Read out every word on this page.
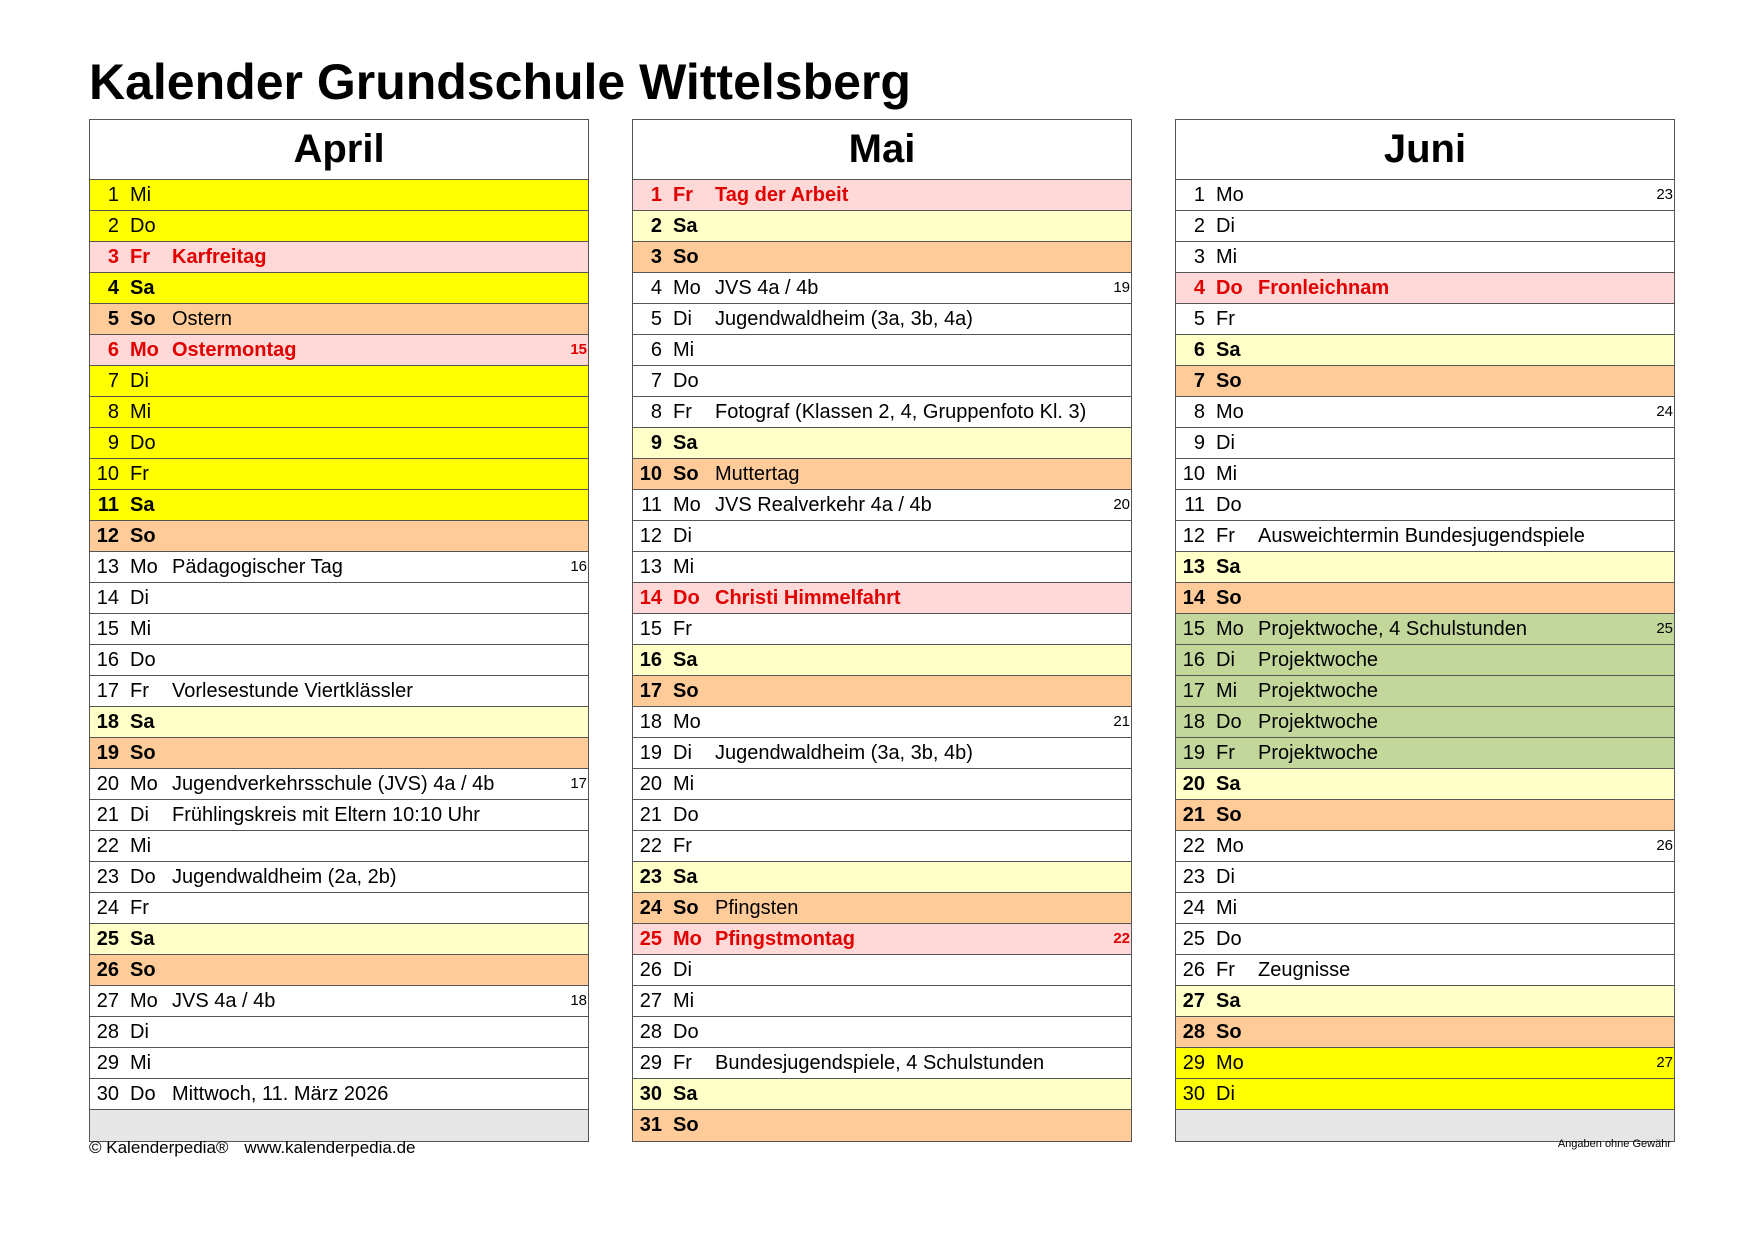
Kalender Grundschule Wittelsberg
April
1 Mi
2 Do
3 Fr Karfreitag
4 Sa
5 So Ostern
6 Mo Ostermontag	15
7 Di
8 Mi
9 Do
10 Fr
11 Sa
12 So
13 Mo Pädagogischer Tag	16
14 Di
15 Mi
16 Do
17 Fr Vorlesestunde Viertklässler
18 Sa
19 So
20 Mo Jugendverkehrsschule (JVS) 4a / 4b	17
21 Di Frühlingskreis mit Eltern 10:10 Uhr
22 Mi
23 Do Jugendwaldheim (2a, 2b)
24 Fr
25 Sa
26 So
27 Mo JVS 4a / 4b	18
28 Di
29 Mi
30 Do Mittwoch, 11. März 2026
Mai
1 Fr Tag der Arbeit
2 Sa
3 So
4 Mo JVS 4a / 4b	19
5 Di Jugendwaldheim (3a, 3b, 4a)
6 Mi
7 Do
8 Fr Fotograf (Klassen 2, 4, Gruppenfoto Kl. 3)
9 Sa
10 So Muttertag
11 Mo JVS Realverkehr 4a / 4b	20
12 Di
13 Mi
14 Do Christi Himmelfahrt
15 Fr
16 Sa
17 So
18 Mo	21
19 Di Jugendwaldheim (3a, 3b, 4b)
20 Mi
21 Do
22 Fr
23 Sa
24 So Pfingsten
25 Mo Pfingstmontag	22
26 Di
27 Mi
28 Do
29 Fr Bundesjugendspiele, 4 Schulstunden
30 Sa
31 So
Juni
1 Mo	23
2 Di
3 Mi
4 Do Fronleichnam
5 Fr
6 Sa
7 So
8 Mo	24
9 Di
10 Mi
11 Do
12 Fr Ausweichtermin Bundesjugendspiele
13 Sa
14 So
15 Mo Projektwoche, 4 Schulstunden	25
16 Di Projektwoche
17 Mi Projektwoche
18 Do Projektwoche
19 Fr Projektwoche
20 Sa
21 So
22 Mo	26
23 Di
24 Mi
25 Do
26 Fr Zeugnisse
27 Sa
28 So
29 Mo	27
30 Di
© Kalenderpedia® www.kalenderpedia.de	Angaben ohne Gewähr
